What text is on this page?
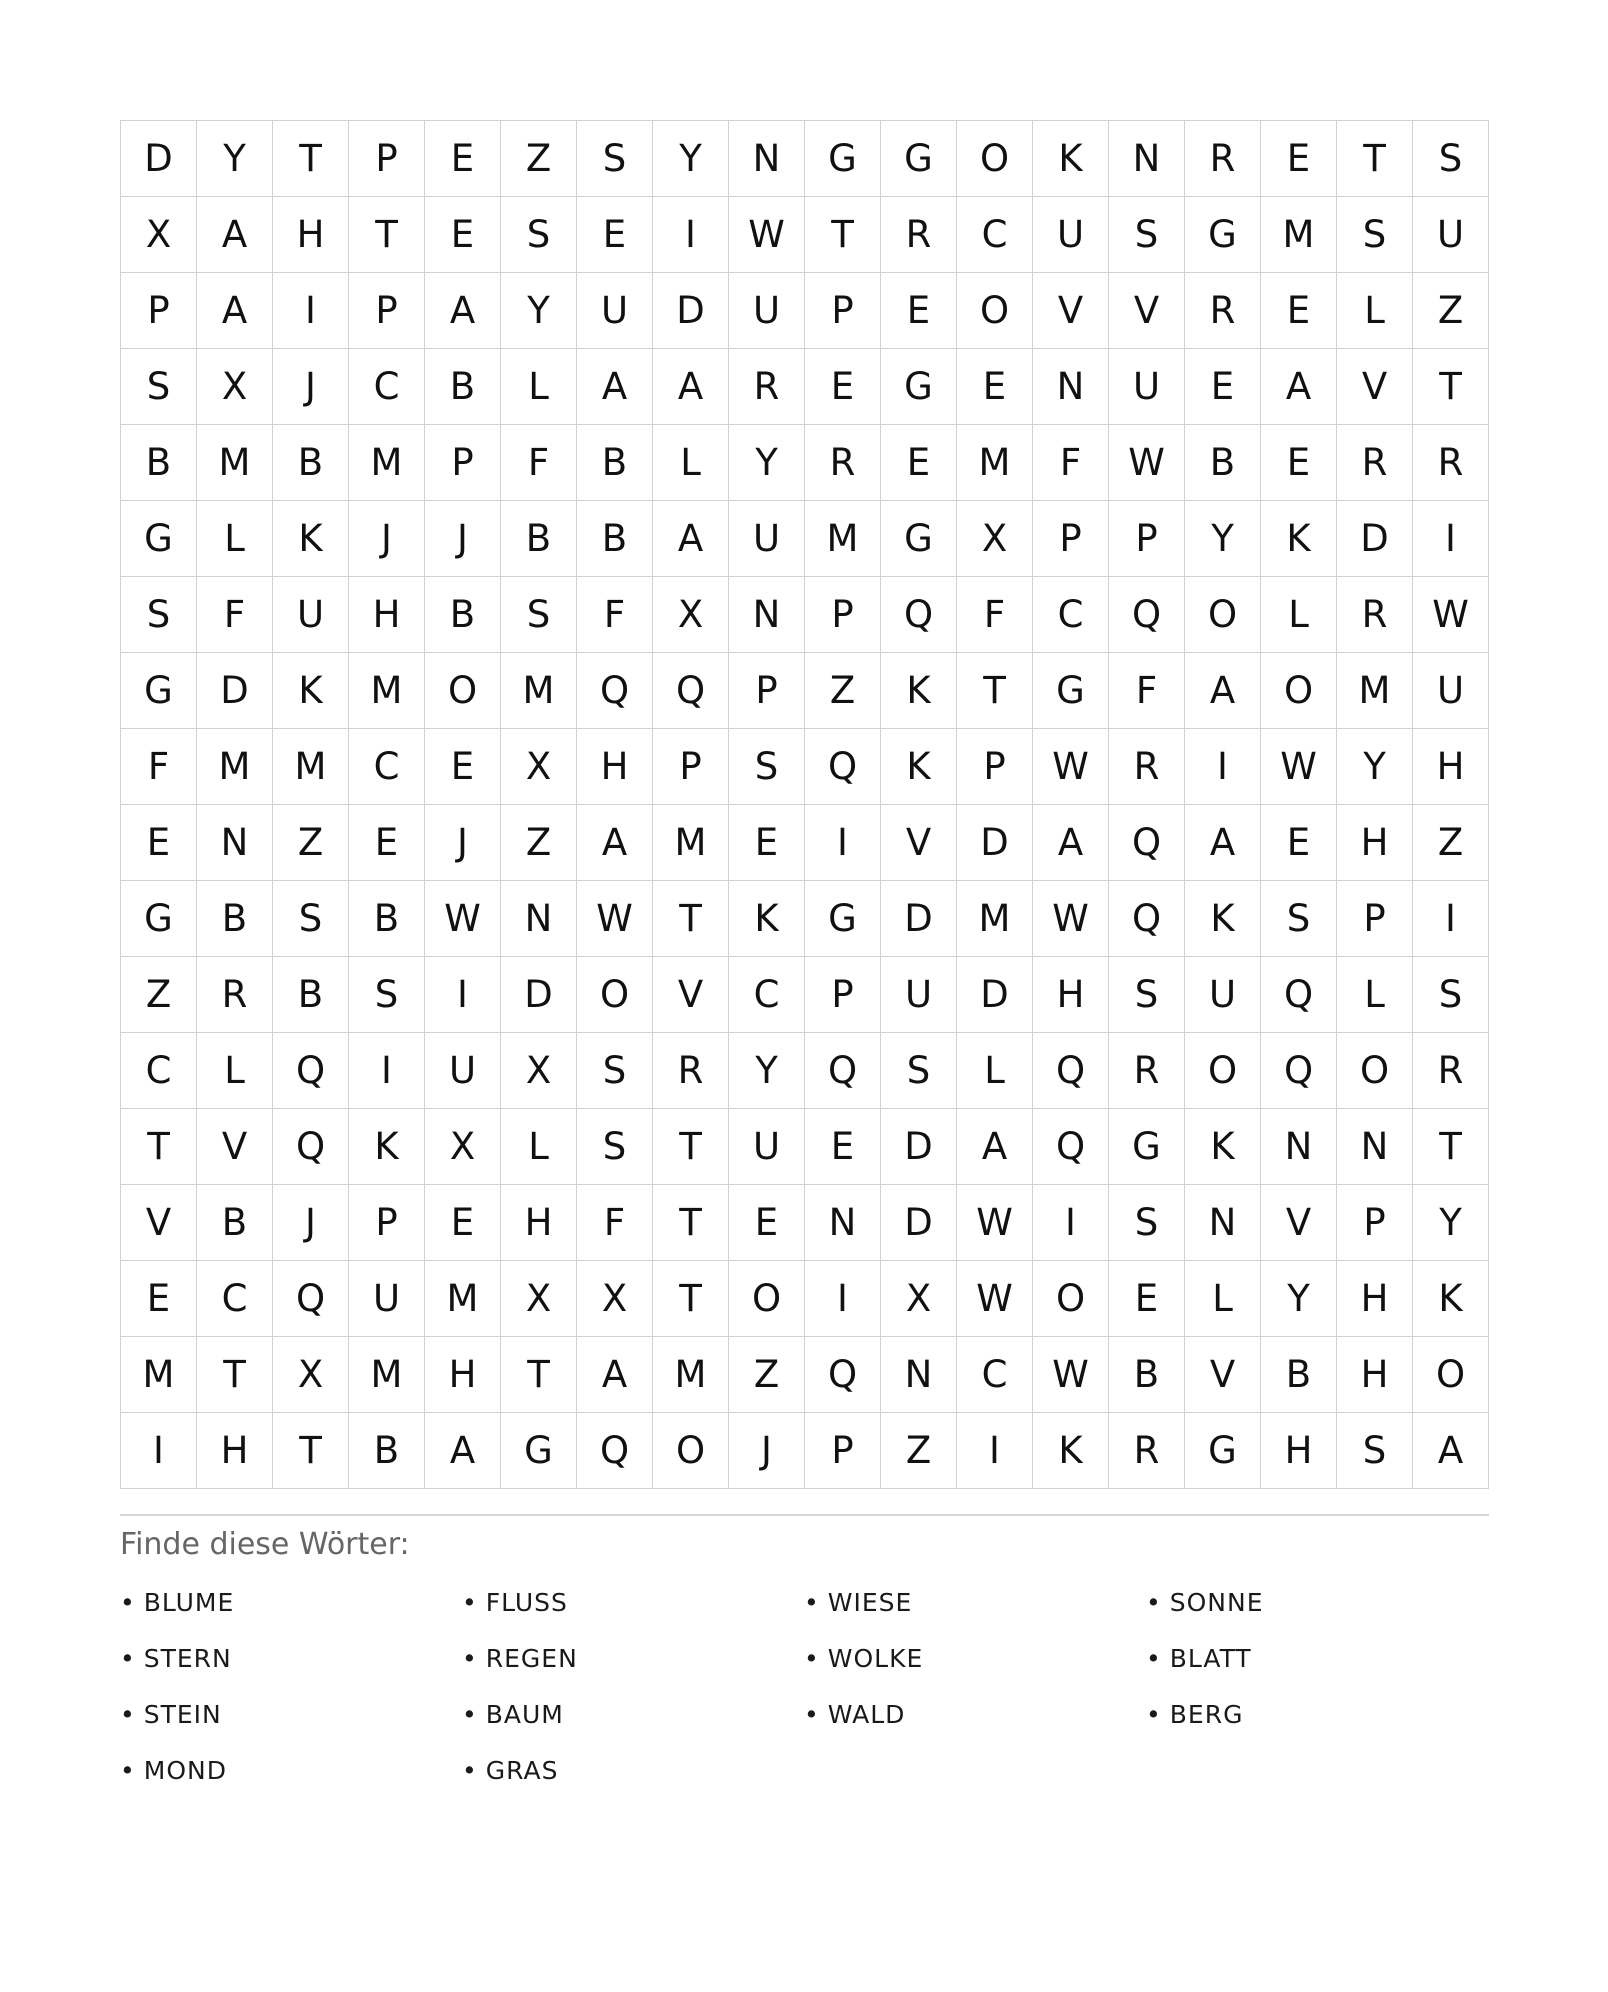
D	Y	T	P	E	Z	S	Y	N	G	G	O	K	N	R	E	T	S
X	A	H	T	E	S	E	I	W	T	R	C	U	S	G	M	S	U
P	A	I	P	A	Y	U	D	U	P	E	O	V	V	R	E	L	Z
S	X	J	C	B	L	A	A	R	E	G	E	N	U	E	A	V	T
B	M	B	M	P	F	B	L	Y	R	E	M	F	W	B	E	R	R
G	L	K	J	J	B	B	A	U	M	G	X	P	P	Y	K	D	I
S	F	U	H	B	S	F	X	N	P	Q	F	C	Q	O	L	R	W
G	D	K	M	O	M	Q	Q	P	Z	K	T	G	F	A	O	M	U
F	M	M	C	E	X	H	P	S	Q	K	P	W	R	I	W	Y	H
E	N	Z	E	J	Z	A	M	E	I	V	D	A	Q	A	E	H	Z
G	B	S	B	W	N	W	T	K	G	D	M	W	Q	K	S	P	I
Z	R	B	S	I	D	O	V	C	P	U	D	H	S	U	Q	L	S
C	L	Q	I	U	X	S	R	Y	Q	S	L	Q	R	O	Q	O	R
T	V	Q	K	X	L	S	T	U	E	D	A	Q	G	K	N	N	T
V	B	J	P	E	H	F	T	E	N	D	W	I	S	N	V	P	Y
E	C	Q	U	M	X	X	T	O	I	X	W	O	E	L	Y	H	K
M	T	X	M	H	T	A	M	Z	Q	N	C	W	B	V	B	H	O
I	H	T	B	A	G	Q	O	J	P	Z	I	K	R	G	H	S	A
Finde diese Wörter:
• BLUME	• FLUSS	• WIESE	• SONNE
• STERN	• REGEN	• WOLKE	• BLATT
• STEIN	• BAUM	• WALD	• BERG
• MOND	• GRAS
